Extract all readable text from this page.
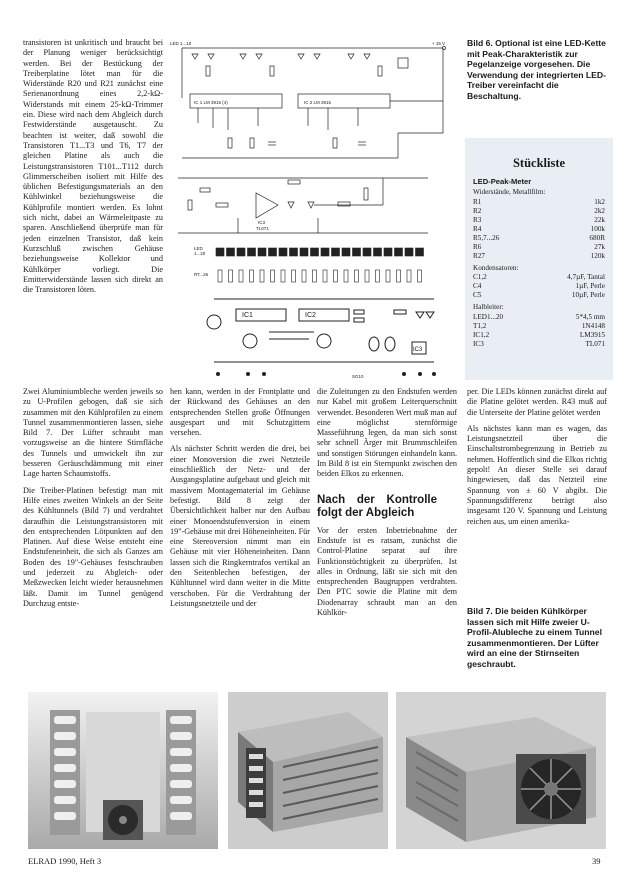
IC 1 LM 3915 (4)	IC 2 LM 3915
IC3
TL071
LED 1...10	+ 15 V
IC1	IC2
IC3
LED
1...20
RT...26
SG10

transistoren ist unkritisch und braucht bei der Planung weniger berücksichtigt werden. Bei der Bestückung der Treiberplatine lötet man für die Widerstände R20 und R21 zunächst eine Serienanordnung eines 2,2-kΩ-Widerstands mit einem 25-kΩ-Trimmer ein. Diese wird nach dem Abgleich durch Festwiderstände ausgetauscht. Zu beachten ist weiter, daß sowohl die Transistoren T1...T3 und T6, T7 der gleichen Platine als auch die Leistungstransistoren T101...T112 durch Glimmerscheiben isoliert mit Hilfe des üblichen Befestigungsmaterials an den Kühlwinkel beziehungsweise die Kühlprofile montiert werden. Es lohnt sich nicht, dabei an Wärmeleitpaste zu sparen. Anschließend überprüfe man für jeden einzelnen Transistor, daß kein Kurzschluß zwischen Gehäuse beziehungsweise Kollektor und Kühlkörper vorliegt. Die Emitterwiderstände lassen sich direkt an die Transistoren löten.

Zwei Aluminiumbleche werden jeweils so zu U-Profilen gebogen, daß sie sich zusammen mit den Kühlprofilen zu einem Tunnel zusammenmontieren lassen, siehe Bild 7. Der Lüfter schraubt man vorzugsweise an die hintere Stirnfläche des Tunnels und umwickelt ihn zur besseren Geräuschdämmung mit einer Lage harten Schaumstoffs.

Die Treiber-Platinen befestigt man mit Hilfe eines zweiten Winkels an der Seite des Kühltunnels (Bild 7) und verdrahtet daraufhin die Leistungstransistoren mit den entsprechenden Lötpunkten auf den Platinen. Auf diese Weise entsteht eine Endstufeneinheit, die sich als Ganzes am Boden des 19"-Gehäuses festschrauben und jederzeit zu Abgleich- oder Meßzwecken leicht wieder herausnehmen läßt. Damit im Tunnel genügend Durchzug entste-

hen kann, werden in der Frontplatte und der Rückwand des Gehäuses an den entsprechenden Stellen große Öffnungen ausgespart und mit Schutzgittern versehen.

Als nächster Schritt werden die drei, bei einer Monoversion die zwei Netzteile einschließlich der Netz- und der Ausgangsplatine aufgebaut und gleich mit massivem Montagematerial im Gehäuse befestigt. Bild 8 zeigt der Übersichtlichkeit halber nur den Aufbau einer Monoendstufenversion in einem 19"-Gehäuse mit drei Höheneinheiten. Für eine Stereoversion nimmt man ein Gehäuse mit vier Höheneinheiten. Dann lassen sich die Ringkerntrafos vertikal an den Seitenblechen befestigen, der Kühltunnel wird dann weiter in die Mitte verschoben. Für die Verdrahtung der Leistungsnetzteile und der

die Zuleitungen zu den Endstufen werden nur Kabel mit großem Leiterquerschnitt verwendet. Besonderen Wert muß man auf eine möglichst sternförmige Masseführung legen, da man sich sonst sehr schnell Ärger mit Brummschleifen und sonstigen Störungen einhandeln kann. Im Bild 8 ist ein Sternpunkt zwischen den beiden Elkos zu erkennen.

Nach der Kontrolle folgt der Abgleich

Vor der ersten Inbetriebnahme der Endstufe ist es ratsam, zunächst die Control-Platine separat auf ihre Funktionstüchtigkeit zu überprüfen. Ist alles in Ordnung, läßt sie sich mit den entsprechenden Baugruppen verdrahten. Den PTC sowie die Platine mit dem Diodenarray schraubt man an den Kühlkör-

Bild 6. Optional ist eine LED-Kette mit Peak-Charakteristik zur Pegelanzeige vorgesehen. Die Verwendung der integrierten LED-Treiber vereinfacht die Beschaltung.
Stückliste
LED-Peak-Meter
Widerstände, Metallfilm:
R1	1k2
R2	2k2
R3	22k
R4	100k
R5,7...26	680R
R6	27k
R27	120k
Kondensatoren:
C1,2	4,7µF, Tantal
C4	1µF, Perle
C5	10µF, Perle
Halbleiter:
LED1...20	5*4,5 mm
T1,2	1N4148
IC1,2	LM3915
IC3	TL071

per. Die LEDs können zunächst direkt auf die Platine gelötet werden. R43 muß auf die Unterseite der Platine gelötet werden

Als nächstes kann man es wagen, das Leistungsnetzteil über die Einschaltstrombegrenzung in Betrieb zu nehmen. Hoffentlich sind die Elkos richtig gepolt! An dieser Stelle sei darauf hingewiesen, daß das Netzteil eine Spannung von ± 60 V abgibt. Die Spannungsdifferenz beträgt also insgesamt 120 V. Spannung und Leistung reichen aus, um einen amerika-

Bild 7. Die beiden Kühlkörper lassen sich mit Hilfe zweier U-Profil-Alubleche zu einem Tunnel zusammenmontieren. Der Lüfter wird an eine der Stirnseiten geschraubt.
ELRAD 1990, Heft 3	39
